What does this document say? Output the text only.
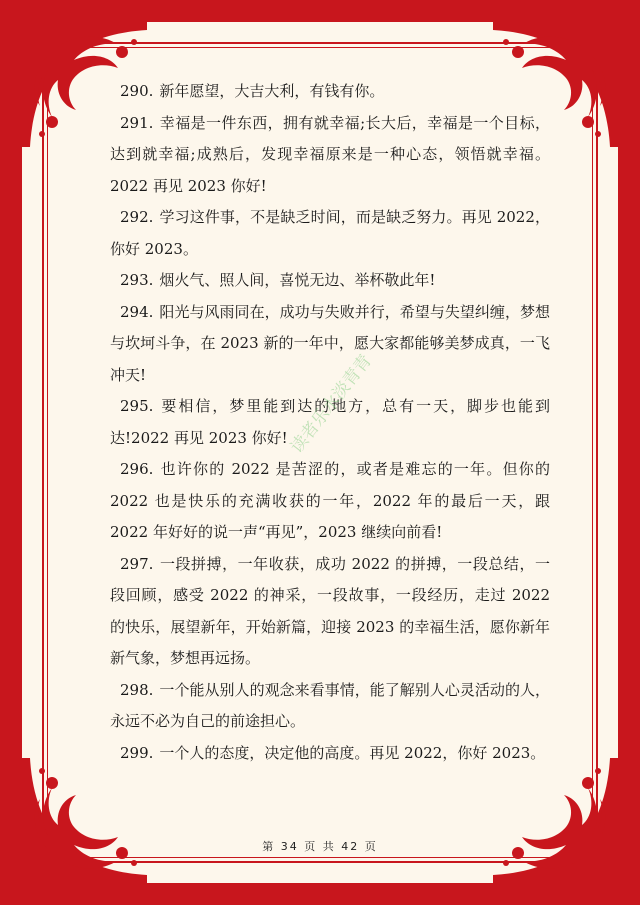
290. 新年愿望，大吉大利，有钱有你。

291. 幸福是一件东西，拥有就幸福;长大后，幸福是一个目标，达到就幸福;成熟后，发现幸福原来是一种心态，领悟就幸福。2022 再见 2023 你好!

292. 学习这件事，不是缺乏时间，而是缺乏努力。再见 2022，你好 2023。

293. 烟火气、照人间，喜悦无边、举杯敬此年!

294. 阳光与风雨同在，成功与失败并行，希望与失望纠缠，梦想与坎坷斗争，在 2023 新的一年中，愿大家都能够美梦成真，一飞冲天!

295. 要相信，梦里能到达的地方，总有一天，脚步也能到达!2022 再见 2023 你好!

296. 也许你的 2022 是苦涩的，或者是难忘的一年。但你的 2022 也是快乐的充满收获的一年，2022 年的最后一天，跟 2022 年好好的说一声“再见”，2023 继续向前看!

297. 一段拼搏，一年收获，成功 2022 的拼搏，一段总结，一段回顾，感受 2022 的神采，一段故事，一段经历，走过 2022 的快乐，展望新年，开始新篇，迎接 2023 的幸福生活，愿你新年新气象，梦想再远扬。

298. 一个能从别人的观念来看事情，能了解别人心灵活动的人，永远不必为自己的前途担心。

299. 一个人的态度，决定他的高度。再见 2022，你好 2023。

读者乐水淡青青
第 34 页 共 42 页
